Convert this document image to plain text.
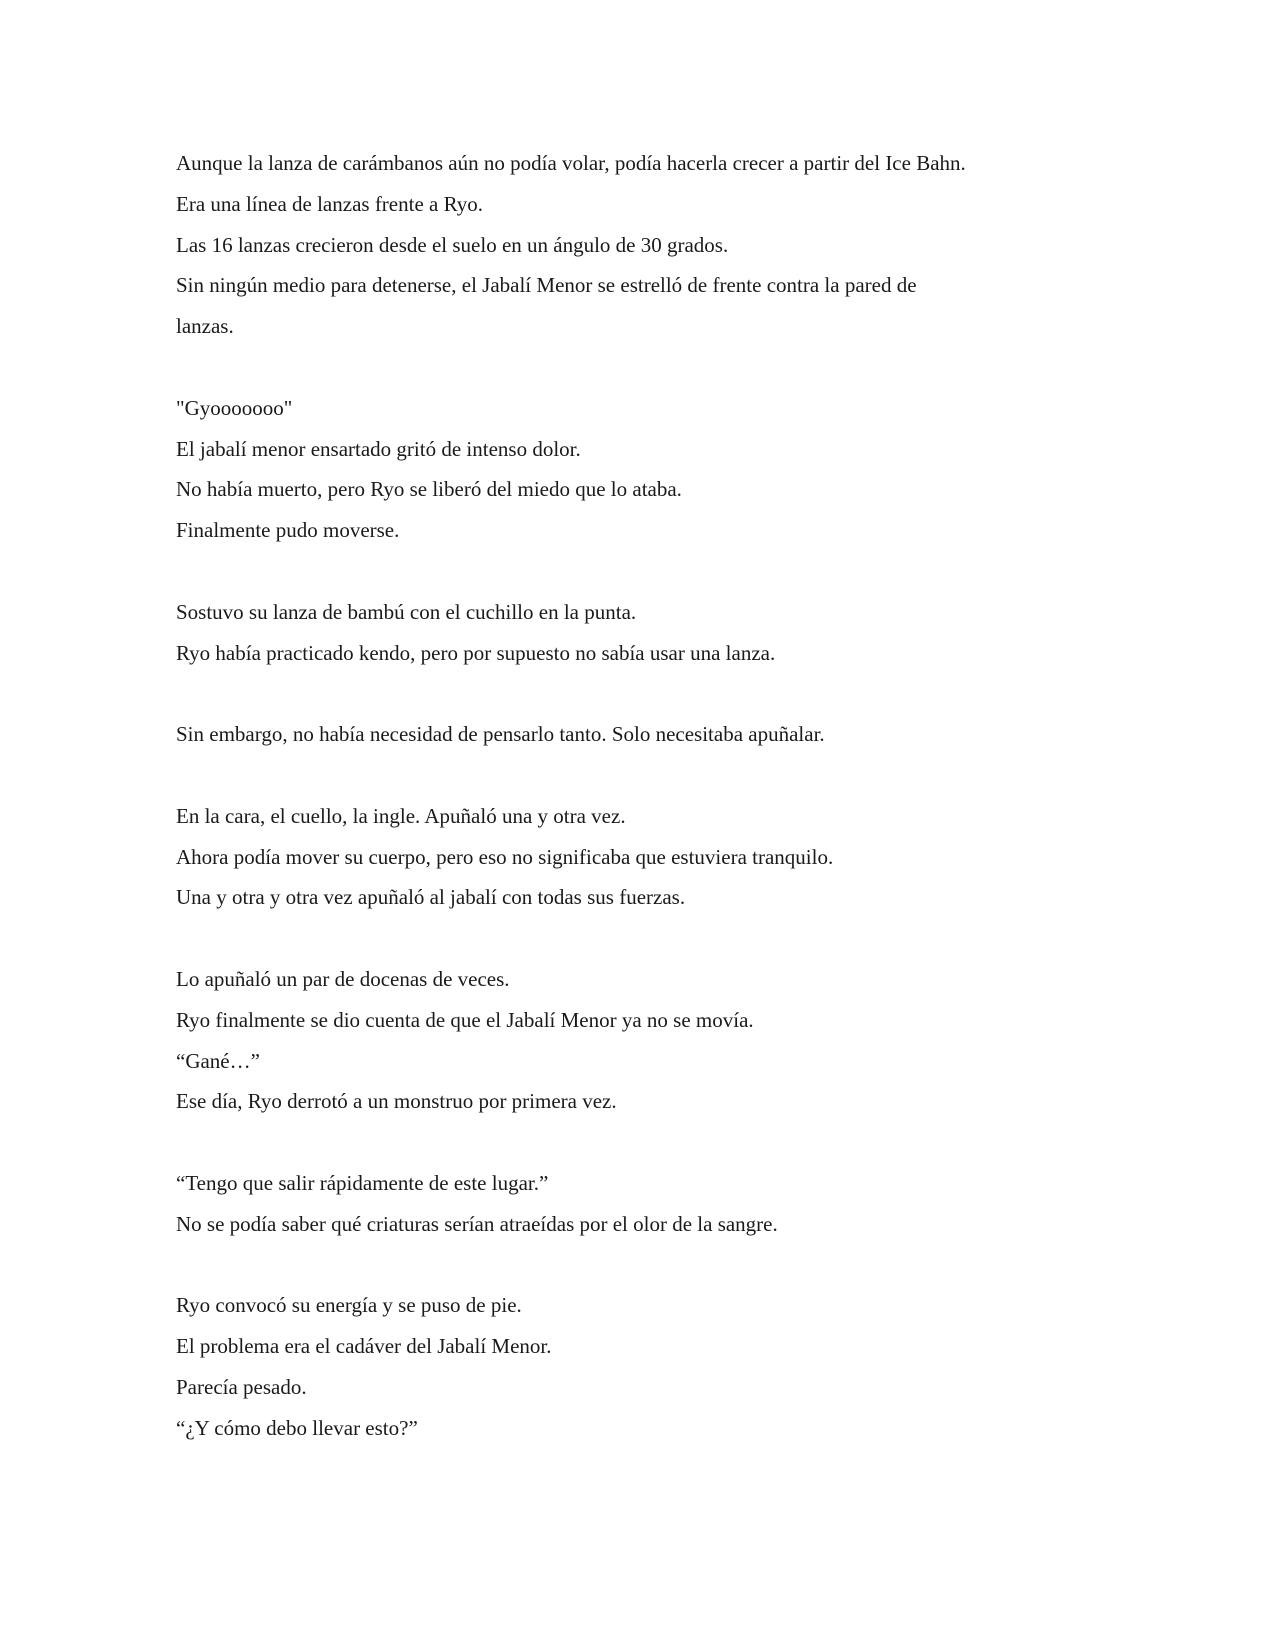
Aunque la lanza de carámbanos aún no podía volar, podía hacerla crecer a partir del Ice Bahn.
Era una línea de lanzas frente a Ryo.
Las 16 lanzas crecieron desde el suelo en un ángulo de 30 grados.
Sin ningún medio para detenerse, el Jabalí Menor se estrelló de frente contra la pared de
lanzas.
"Gyooooooo"
El jabalí menor ensartado gritó de intenso dolor.
No había muerto, pero Ryo se liberó del miedo que lo ataba.
Finalmente pudo moverse.
Sostuvo su lanza de bambú con el cuchillo en la punta.
Ryo había practicado kendo, pero por supuesto no sabía usar una lanza.
Sin embargo, no había necesidad de pensarlo tanto. Solo necesitaba apuñalar.
En la cara, el cuello, la ingle. Apuñaló una y otra vez.
Ahora podía mover su cuerpo, pero eso no significaba que estuviera tranquilo.
Una y otra y otra vez apuñaló al jabalí con todas sus fuerzas.
Lo apuñaló un par de docenas de veces.
Ryo finalmente se dio cuenta de que el Jabalí Menor ya no se movía.
“Gané…”
Ese día, Ryo derrotó a un monstruo por primera vez.
“Tengo que salir rápidamente de este lugar.”
No se podía saber qué criaturas serían atraeídas por el olor de la sangre.
Ryo convocó su energía y se puso de pie.
El problema era el cadáver del Jabalí Menor.
Parecía pesado.
“¿Y cómo debo llevar esto?”
